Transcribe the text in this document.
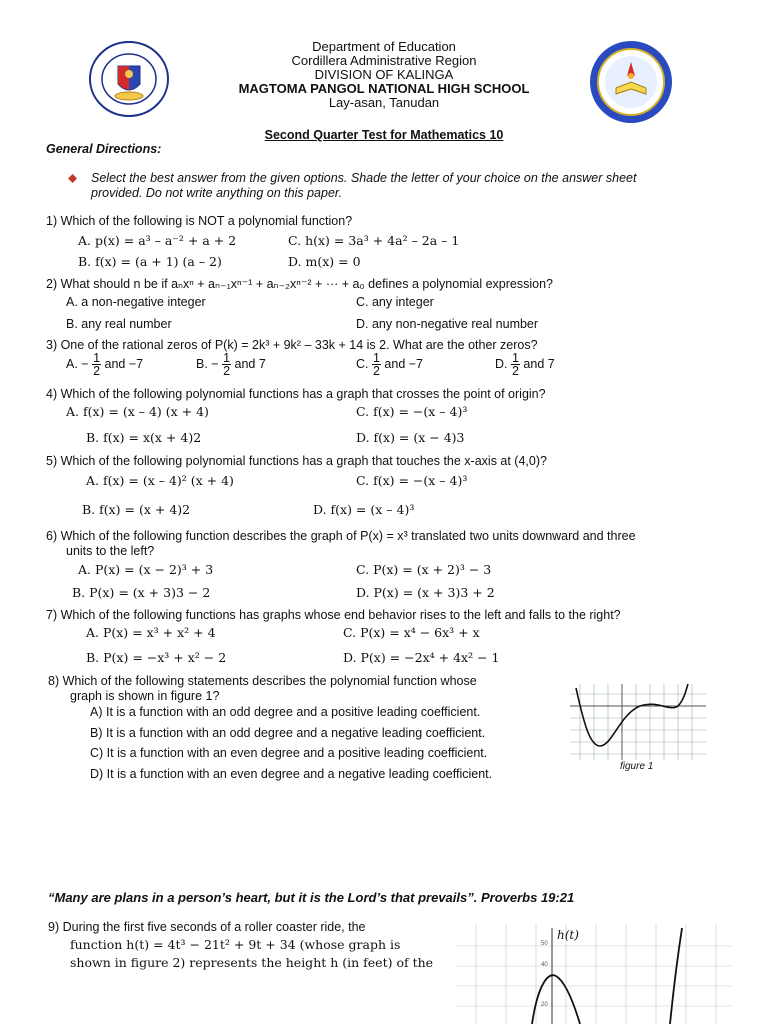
Department of Education
Cordillera Administrative Region
DIVISION OF KALINGA
MAGTOMA PANGOL NATIONAL HIGH SCHOOL
Lay-asan, Tanudan
Second Quarter Test for Mathematics 10
General Directions:
⬥ Select the best answer from the given options. Shade the letter of your choice on the answer sheet
provided. Do not write anything on this paper.
1) Which of the following is NOT a polynomial function?
A. p(x) = a³ – a⁻² + a + 2	C. h(x) = 3a³ + 4a² – 2a – 1
B. f(x) = (a + 1) (a – 2)	D. m(x) = 0
2) What should n be if aₙxⁿ + aₙ₋₁xⁿ⁻¹ + aₙ₋₂xⁿ⁻² + ··· + a₀ defines a polynomial expression?
A. a non-negative integer	C. any integer
B. any real number	D. any non-negative real number
3) One of the rational zeros of P(k) = 2k³ + 9k² – 33k + 14 is 2. What are the other zeros?
A. − $\frac{1}{2}$ and −7	B. − $\frac{1}{2}$ and 7	C. $\frac{1}{2}$ and −7	D. $\frac{1}{2}$ and 7
4) Which of the following polynomial functions has a graph that crosses the point of origin?
A. f(x) = (x – 4) (x + 4)	C. f(x) = −(x – 4)³
B. f(x) = x(x + 4)2	D. f(x) = (x − 4)3
5) Which of the following polynomial functions has a graph that touches the x-axis at (4,0)?
A. f(x) = (x – 4)² (x + 4)	C. f(x) = −(x – 4)³
B. f(x) = (x + 4)2	D. f(x) = (x – 4)³
6) Which of the following function describes the graph of P(x) = x³ translated two units downward and three
units to the left?
A. P(x) = (x − 2)³ + 3	C. P(x) = (x + 2)³ − 3
B. P(x) = (x + 3)3 − 2	D. P(x) = (x + 3)3 + 2
7) Which of the following functions has graphs whose end behavior rises to the left and falls to the right?
A. P(x) = x³ + x² + 4	C. P(x) = x⁴ − 6x³ + x
B. P(x) = −x³ + x² − 2	D. P(x) = −2x⁴ + 4x² − 1
8) Which of the following statements describes the polynomial function whose
graph is shown in figure 1?
A) It is a function with an odd degree and a positive leading coefficient.
B) It is a function with an odd degree and a negative leading coefficient.
C) It is a function with an even degree and a positive leading coefficient.
D) It is a function with an even degree and a negative leading coefficient.
figure 1
“Many are plans in a person’s heart, but it is the Lord’s that prevails”. Proverbs 19:21
9) During the first five seconds of a roller coaster ride, the
function h(t) = 4t³ − 21t² + 9t + 34 (whose graph is
shown in figure 2) represents the height h (in feet) of the
h(t)
50
40
20
